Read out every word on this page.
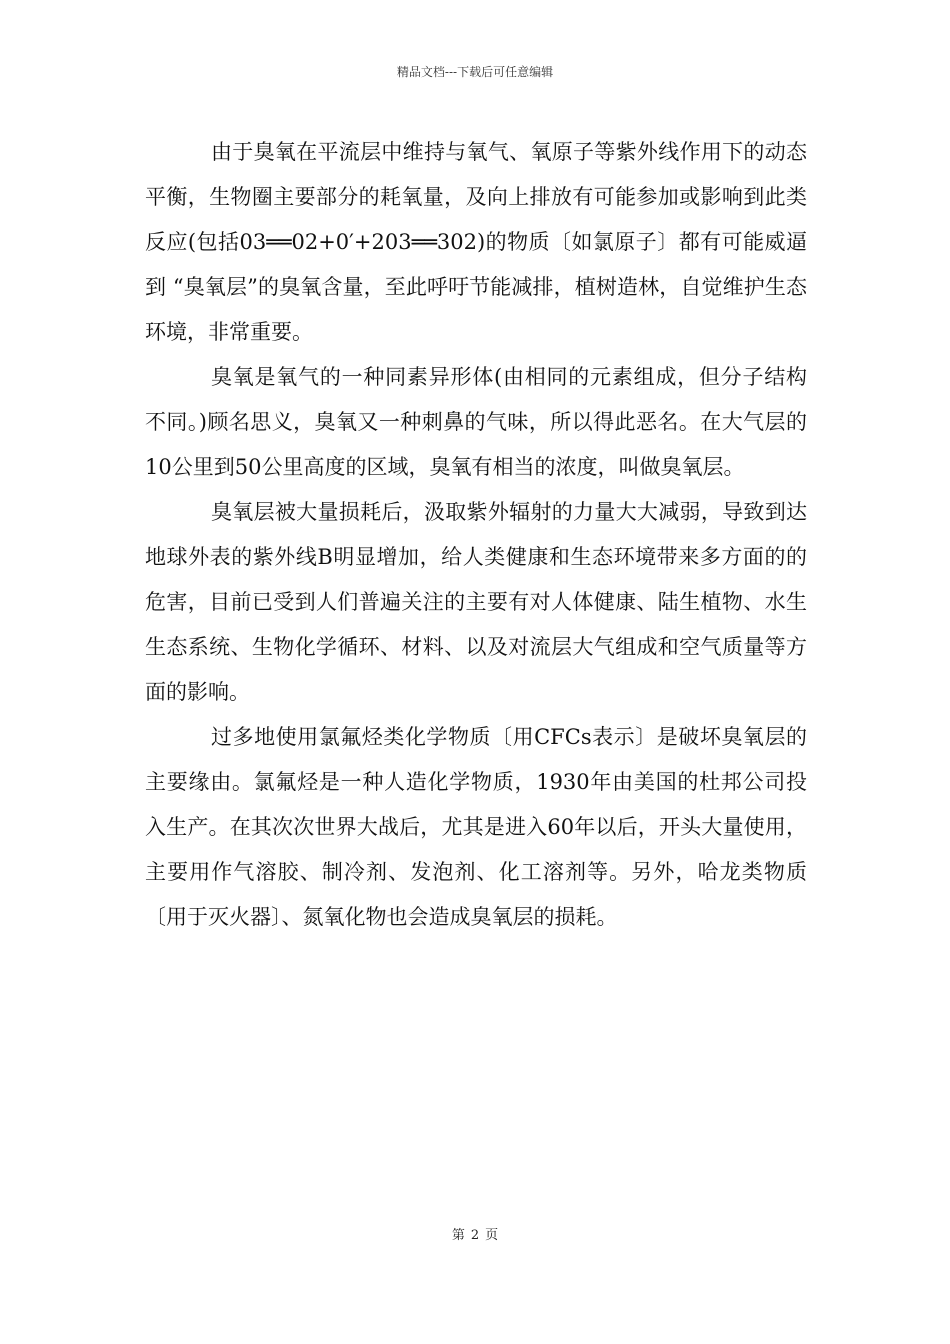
精品文档---下载后可任意编辑

由于臭氧在平流层中维持与氧气、氧原子等紫外线作用下的动态平衡，生物圈主要部分的耗氧量，及向上排放有可能参加或影响到此类反应(包括03══02+0′+203══302)的物质〔如氯原子〕都有可能威逼 到 “臭氧层”的臭氧含量，至此呼吁节能减排，植树造林，自觉维护生态环境，非常重要。

臭氧是氧气的一种同素异形体(由相同的元素组成，但分子结构不同。)顾名思义，臭氧又一种刺鼻的气味，所以得此恶名。在大气层的10公里到50公里高度的区域，臭氧有相当的浓度，叫做臭氧层。

臭氧层被大量损耗后，汲取紫外辐射的力量大大减弱，导致到达地球外表的紫外线B明显增加，给人类健康和生态环境带来多方面的的危害，目前已受到人们普遍关注的主要有对人体健康、陆生植物、水生生态系统、生物化学循环、材料、以及对流层大气组成和空气质量等方面的影响。

过多地使用氯氟烃类化学物质〔用CFCs表示〕是破坏臭氧层的主要缘由。氯氟烃是一种人造化学物质，1930年由美国的杜邦公司投入生产。在其次次世界大战后，尤其是进入60年以后，开头大量使用，主要用作气溶胶、制冷剂、发泡剂、化工溶剂等。另外，哈龙类物质〔用于灭火器〕、氮氧化物也会造成臭氧层的损耗。

第 2 页
